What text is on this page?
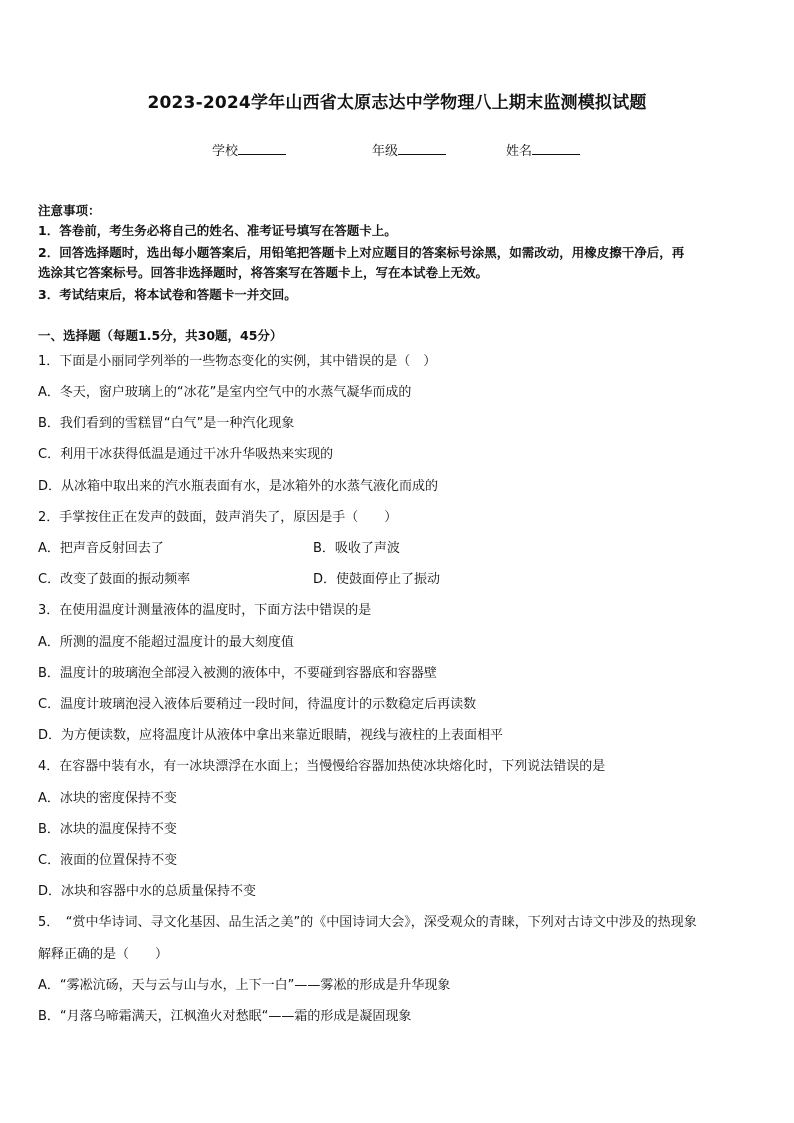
2023-2024学年山西省太原志达中学物理八上期末监测模拟试题
学校	年级	姓名
注意事项：
1．答卷前，考生务必将自己的姓名、准考证号填写在答题卡上。
2．回答选择题时，选出每小题答案后，用铅笔把答题卡上对应题目的答案标号涂黑，如需改动，用橡皮擦干净后，再
选涂其它答案标号。回答非选择题时，将答案写在答题卡上，写在本试卷上无效。
3．考试结束后，将本试卷和答题卡一并交回。
一、选择题（每题1.5分，共30题，45分）
1．下面是小丽同学列举的一些物态变化的实例，其中错误的是（　）
A．冬天，窗户玻璃上的“冰花”是室内空气中的水蒸气凝华而成的
B．我们看到的雪糕冒“白气”是一种汽化现象
C．利用干冰获得低温是通过干冰升华吸热来实现的
D．从冰箱中取出来的汽水瓶表面有水，是冰箱外的水蒸气液化而成的
2．手掌按住正在发声的鼓面，鼓声消失了，原因是手（　　）
A．把声音反射回去了	B．吸收了声波
C．改变了鼓面的振动频率	D．使鼓面停止了振动
3．在使用温度计测量液体的温度时，下面方法中错误的是
A．所测的温度不能超过温度计的最大刻度值
B．温度计的玻璃泡全部浸入被测的液体中，不要碰到容器底和容器壁
C．温度计玻璃泡浸入液体后要稍过一段时间，待温度计的示数稳定后再读数
D．为方便读数，应将温度计从液体中拿出来靠近眼睛，视线与液柱的上表面相平
4．在容器中装有水，有一冰块漂浮在水面上；当慢慢给容器加热使冰块熔化时，下列说法错误的是
A．冰块的密度保持不变
B．冰块的温度保持不变
C．液面的位置保持不变
D．冰块和容器中水的总质量保持不变
5．　“赏中华诗词、寻文化基因、品生活之美”的《中国诗词大会》，深受观众的青睐，下列对古诗文中涉及的热现象
解释正确的是（　　）
A．“雾凇沆砀，天与云与山与水，上下一白”——雾凇的形成是升华现象
B．“月落乌啼霜满天，江枫渔火对愁眠“——霜的形成是凝固现象
